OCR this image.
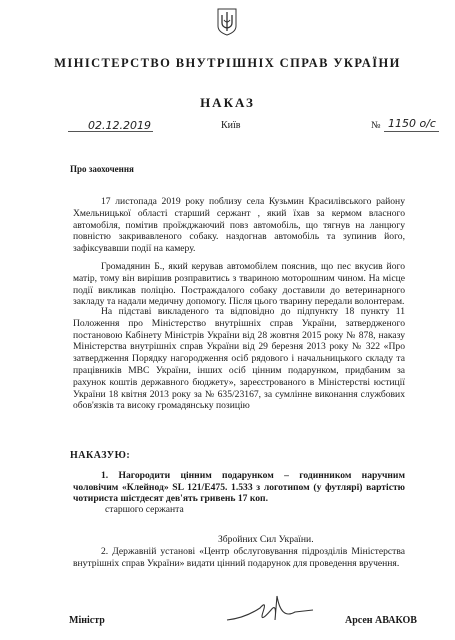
МІНІСТЕРСТВО ВНУТРІШНІХ СПРАВ УКРАЇНИ
НАКАЗ
02.12.2019	Київ	№ 1150 о/с
Про заохочення

17 листопада 2019 року поблизу села Кузьмин Красилівського району Хмельницької області старший сержант , який їхав за кермом власного автомобіля, помітив проїжджаючий повз автомобіль, що тягнув на ланцюгу повністю закривавленого собаку. наздогнав автомобіль та зупинив його, зафіксувавши події на камеру.

Громадянин Б., який керував автомобілем пояснив, що пес вкусив його матір, тому він вирішив розправитись з твариною моторошним чином. На місце події викликав поліцію. Постраждалого собаку доставили до ветеринарного закладу та надали медичну допомогу. Після цього тварину передали волонтерам.

На підставі викладеного та відповідно до підпункту 18 пункту 11 Положення про Міністерство внутрішніх справ України, затвердженого постановою Кабінету Міністрів України від 28 жовтня 2015 року № 878, наказу Міністерства внутрішніх справ України від 29 березня 2013 року № 322 «Про затвердження Порядку нагородження осіб рядового і начальницького складу та працівників МВС України, інших осіб цінним подарунком, придбаним за рахунок коштів державного бюджету», зареєстрованого в Міністерстві юстиції України 18 квітня 2013 року за № 635/23167, за сумлінне виконання службових обов'язків та високу громадянську позицію

НАКАЗУЮ:
1. Нагородити цінним подарунком – годинником наручним чоловічим «Клейнод» SL 121/E475. 1.533 з логотипом (у футлярі) вартістю чотириста шістдесят дев'ять гривень 17 коп.
старшого сержанта
Збройних Сил України.
2. Державній установі «Центр обслуговування підрозділів Міністерства внутрішніх справ України» видати цінний подарунок для проведення вручення.
Міністр	Арсен АВАКОВ
